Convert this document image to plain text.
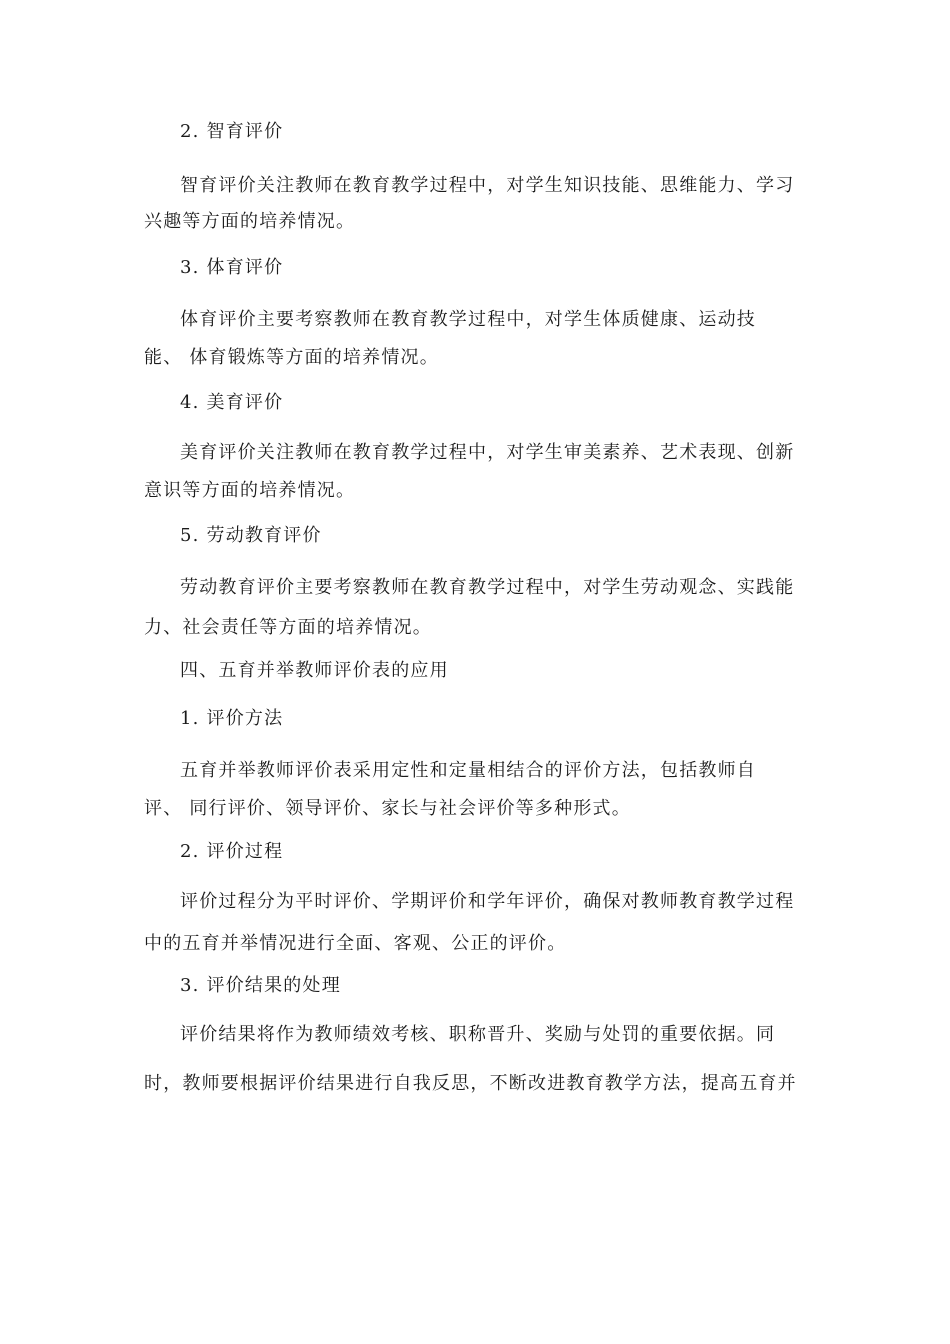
2. 智育评价
智育评价关注教师在教育教学过程中，对学生知识技能、思维能力、学习
兴趣等方面的培养情况。
3. 体育评价
体育评价主要考察教师在教育教学过程中，对学生体质健康、运动技
能、 体育锻炼等方面的培养情况。
4. 美育评价
美育评价关注教师在教育教学过程中，对学生审美素养、艺术表现、创新
意识等方面的培养情况。
5. 劳动教育评价
劳动教育评价主要考察教师在教育教学过程中，对学生劳动观念、实践能
力、社会责任等方面的培养情况。
四、五育并举教师评价表的应用
1. 评价方法
五育并举教师评价表采用定性和定量相结合的评价方法，包括教师自
评、 同行评价、领导评价、家长与社会评价等多种形式。
2. 评价过程
评价过程分为平时评价、学期评价和学年评价，确保对教师教育教学过程
中的五育并举情况进行全面、客观、公正的评价。
3. 评价结果的处理
评价结果将作为教师绩效考核、职称晋升、奖励与处罚的重要依据。同
时，教师要根据评价结果进行自我反思，不断改进教育教学方法，提高五育并
